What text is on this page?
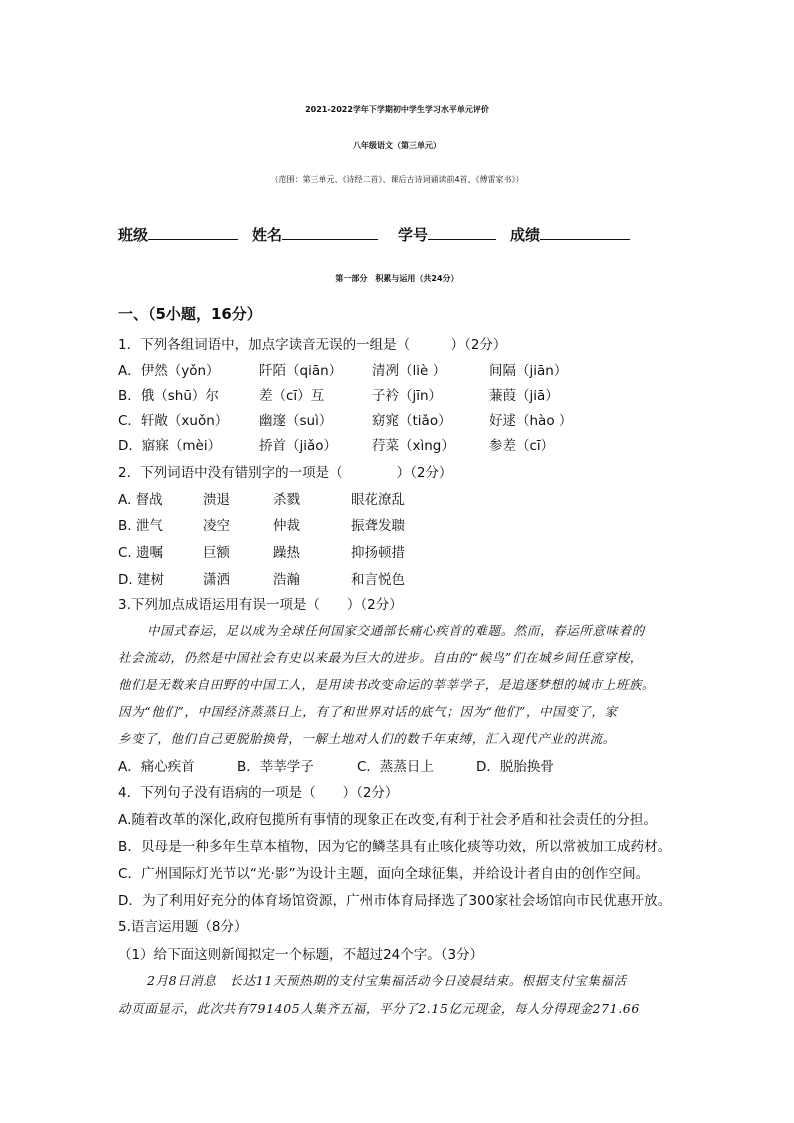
2021-2022学年下学期初中学生学习水平单元评价
八年级语文（第三单元）
（范围：第三单元、《诗经二首》、课后古诗词诵读前4首、《傅雷家书》）
班级	姓名	学号	成绩
第一部分　积累与运用（共24分）
一、（5小题，16分）
1．下列各组词语中，加点字读音无误的一组是（　　　）（2分）
A．伊然（yǒn）	阡陌（qiān） 清冽（liè ）	间隔（jiān）
B．俄（shū）尔	差（cī）互	子衿（jīn）	蒹葭（jiā）
C．轩敞（xuǒn） 幽邃（suì）	窈窕（tiǎo）	好逑（hào ）
D．寤寐（mèi）	挢首（jiǎo）	荇菜（xìng）	参差（cī）
2．下列词语中没有错别字的一项是（　　　　）（2分）
A. 督战	溃退	杀戮	眼花潦乱
B. 泄气	凌空	仲裁	振聋发聩
C. 遗嘱	巨额	躁热	抑扬顿措
D. 建树	潇洒	浩瀚	和言悦色
3.下列加点成语运用有误一项是（　　）（2分）
中国式春运，足以成为全球任何国家交通部长痛心疾首的难题。然而，春运所意味着的
社会流动，仍然是中国社会有史以来最为巨大的进步。自由的“候鸟”们在城乡间任意穿梭，
他们是无数来自田野的中国工人，是用读书改变命运的莘莘学子，是追逐梦想的城市上班族。
因为“他们”，中国经济蒸蒸日上，有了和世界对话的底气；因为“他们”，中国变了，家
乡变了，他们自己更脱胎换骨，一解土地对人们的数千年束缚，汇入现代产业的洪流。
A．痛心疾首	B．莘莘学子	C．蒸蒸日上	D．脱胎换骨
4．下列句子没有语病的一项是（　　）（2分）
A.随着改革的深化,政府包揽所有事情的现象正在改变,有利于社会矛盾和社会责任的分担。
B．贝母是一种多年生草本植物，因为它的鳞茎具有止咳化痰等功效，所以常被加工成药材。
C．广州国际灯光节以“光·影”为设计主题，面向全球征集，并给设计者自由的创作空间。
D．为了利用好充分的体育场馆资源，广州市体育局择选了300家社会场馆向市民优惠开放。
5.语言运用题（8分）
（1）给下面这则新闻拟定一个标题，不超过24个字。（3分）
2月8日消息　长达11天预热期的支付宝集福活动今日凌晨结束。根据支付宝集福活
动页面显示，此次共有791405人集齐五福，平分了2.15亿元现金，每人分得现金271.66
